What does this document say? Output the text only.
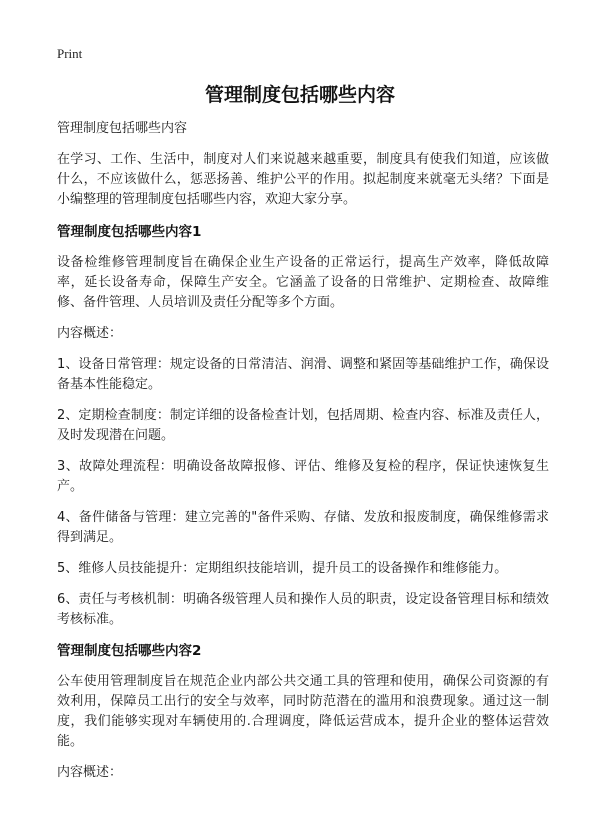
Print
管理制度包括哪些内容

管理制度包括哪些内容

在学习、工作、生活中，制度对人们来说越来越重要，制度具有使我们知道，应该做什么，不应该做什么，惩恶扬善、维护公平的作用。拟起制度来就毫无头绪？下面是小编整理的管理制度包括哪些内容，欢迎大家分享。

管理制度包括哪些内容1

设备检维修管理制度旨在确保企业生产设备的正常运行，提高生产效率，降低故障率，延长设备寿命，保障生产安全。它涵盖了设备的日常维护、定期检查、故障维修、备件管理、人员培训及责任分配等多个方面。

内容概述：

1、设备日常管理：规定设备的日常清洁、润滑、调整和紧固等基础维护工作，确保设备基本性能稳定。

2、定期检查制度：制定详细的设备检查计划，包括周期、检查内容、标准及责任人，及时发现潜在问题。

3、故障处理流程：明确设备故障报修、评估、维修及复检的程序，保证快速恢复生产。

4、备件储备与管理：建立完善的"备件采购、存储、发放和报废制度，确保维修需求得到满足。

5、维修人员技能提升：定期组织技能培训，提升员工的设备操作和维修能力。

6、责任与考核机制：明确各级管理人员和操作人员的职责，设定设备管理目标和绩效考核标准。

管理制度包括哪些内容2

公车使用管理制度旨在规范企业内部公共交通工具的管理和使用，确保公司资源的有效利用，保障员工出行的安全与效率，同时防范潜在的滥用和浪费现象。通过这一制度，我们能够实现对车辆使用的.合理调度，降低运营成本，提升企业的整体运营效能。

内容概述：
